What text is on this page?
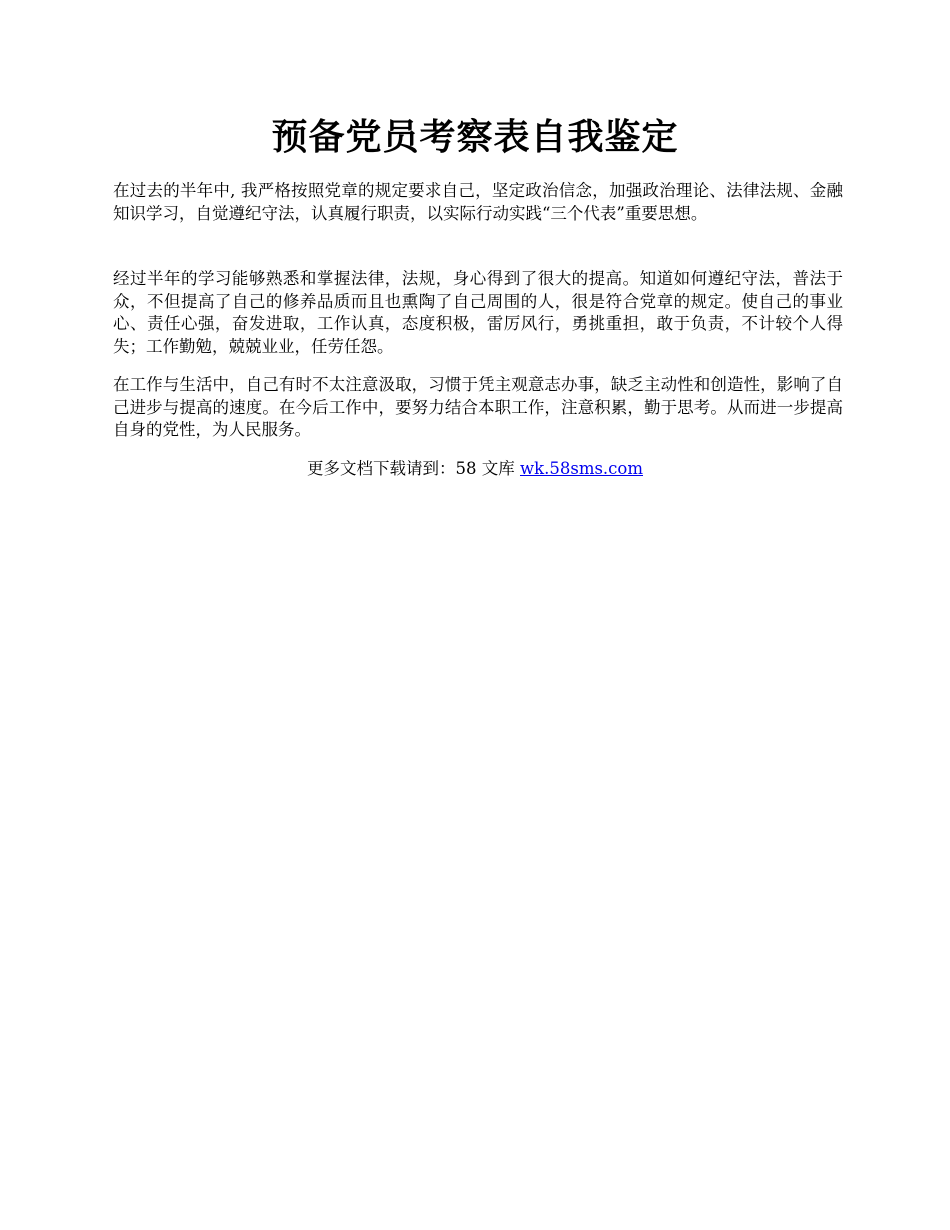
预备党员考察表自我鉴定

在过去的半年中, 我严格按照党章的规定要求自己，坚定政治信念，加强政治理论、法律法规、金融知识学习，自觉遵纪守法，认真履行职责，以实际行动实践“三个代表”重要思想。

经过半年的学习能够熟悉和掌握法律，法规，身心得到了很大的提高。知道如何遵纪守法，普法于众，不但提高了自己的修养品质而且也熏陶了自己周围的人，很是符合党章的规定。使自己的事业心、责任心强，奋发进取，工作认真，态度积极，雷厉风行，勇挑重担，敢于负责，不计较个人得失；工作勤勉，兢兢业业，任劳任怨。

在工作与生活中，自己有时不太注意汲取，习惯于凭主观意志办事，缺乏主动性和创造性，影响了自己进步与提高的速度。在今后工作中，要努力结合本职工作，注意积累，勤于思考。从而进一步提高自身的党性，为人民服务。

更多文档下载请到：58 文库 wk.58sms.com
